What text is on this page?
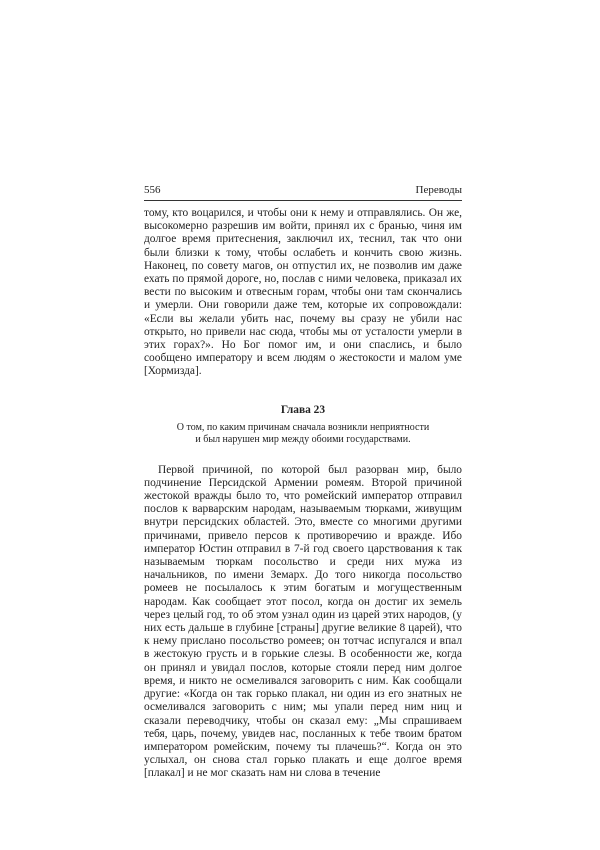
556	Переводы

тому, кто воцарился, и чтобы они к нему и отправлялись. Он же, высокомерно разрешив им войти, принял их с бранью, чиня им долгое время притеснения, заключил их, теснил, так что они были близки к тому, чтобы ослабеть и кончить свою жизнь. Наконец, по совету магов, он отпустил их, не позволив им даже ехать по прямой дороге, но, послав с ними человека, приказал их вести по высоким и отвесным горам, чтобы они там скончались и умерли. Они говорили даже тем, которые их сопровождали: «Если вы желали убить нас, почему вы сразу не убили нас открыто, но привели нас сюда, чтобы мы от усталости умерли в этих горах?». Но Бог помог им, и они спаслись, и было сообщено императору и всем людям о жестокости и малом уме [Хормизда].

Глава 23
О том, по каким причинам сначала возникли неприятности
и был нарушен мир между обоими государствами.

Первой причиной, по которой был разорван мир, было подчинение Персидской Армении ромеям. Второй причиной жестокой вражды было то, что ромейский император отправил послов к варварским народам, называемым тюрками, живущим внутри персидских областей. Это, вместе со многими другими причинами, привело персов к противоречию и вражде. Ибо император Юстин отправил в 7-й год своего царствования к так называемым тюркам посольство и среди них мужа из начальников, по имени Земарх. До того никогда посольство ромеев не посылалось к этим богатым и могущественным народам. Как сообщает этот посол, когда он достиг их земель через целый год, то об этом узнал один из царей этих народов, (у них есть дальше в глубине [страны] другие великие 8 царей), что к нему прислано посольство ромеев; он тотчас испугался и впал в жестокую грусть и в горькие слезы. В особенности же, когда он принял и увидал послов, которые стояли перед ним долгое время, и никто не осмеливался заговорить с ним. Как сообщали другие: «Когда он так горько плакал, ни один из его знатных не осмеливался заговорить с ним; мы упали перед ним ниц и сказали переводчику, чтобы он сказал ему: „Мы спрашиваем тебя, царь, почему, увидев нас, посланных к тебе твоим братом императором ромейским, почему ты плачешь?“. Когда он это услыхал, он снова стал горько плакать и еще долгое время [плакал] и не мог сказать нам ни слова в течение
